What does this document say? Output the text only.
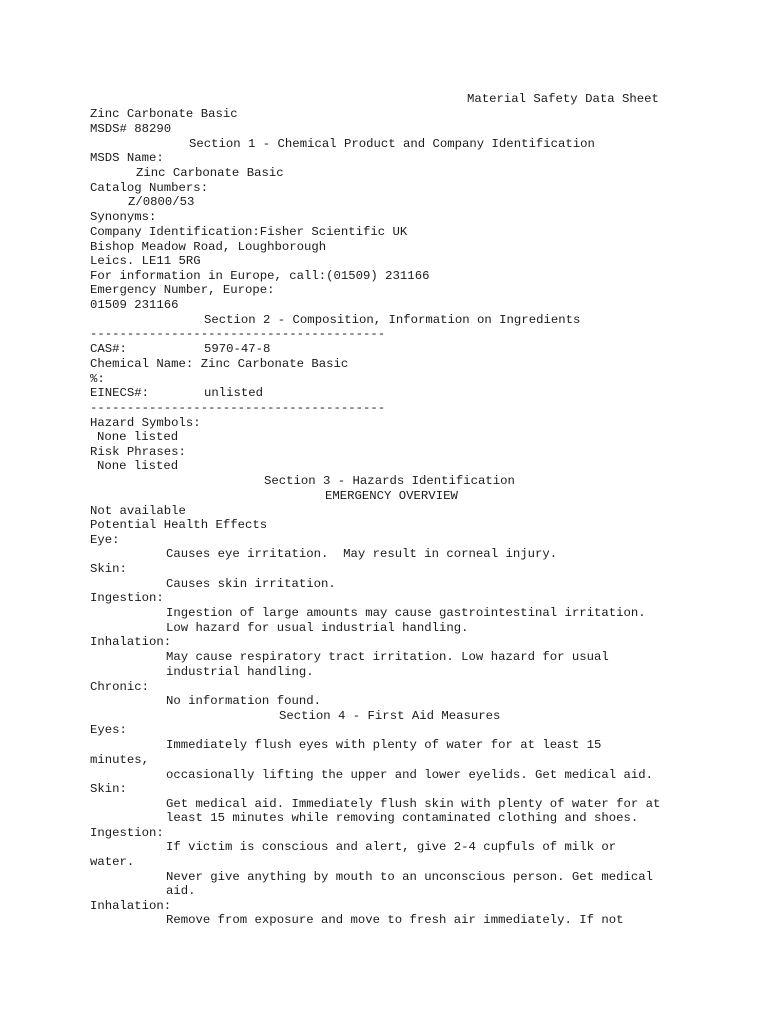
Material Safety Data Sheet
Zinc Carbonate Basic
MSDS# 88290
Section 1 - Chemical Product and Company Identification
MSDS Name:
Zinc Carbonate Basic
Catalog Numbers:
Z/0800/53
Synonyms:
Company Identification:Fisher Scientific UK
Bishop Meadow Road, Loughborough
Leics. LE11 5RG
For information in Europe, call:(01509) 231166
Emergency Number, Europe:
01509 231166
Section 2 - Composition, Information on Ingredients
----------------------------------------
CAS#:	5970-47-8
Chemical Name: Zinc Carbonate Basic
%:
EINECS#:	unlisted
----------------------------------------
Hazard Symbols:
None listed
Risk Phrases:
None listed
Section 3 - Hazards Identification
EMERGENCY OVERVIEW
Not available
Potential Health Effects
Eye:
Causes eye irritation.  May result in corneal injury.
Skin:
Causes skin irritation.
Ingestion:
Ingestion of large amounts may cause gastrointestinal irritation.
Low hazard for usual industrial handling.
Inhalation:
May cause respiratory tract irritation. Low hazard for usual
industrial handling.
Chronic:
No information found.
Section 4 - First Aid Measures
Eyes:
Immediately flush eyes with plenty of water for at least 15
minutes,
occasionally lifting the upper and lower eyelids. Get medical aid.
Skin:
Get medical aid. Immediately flush skin with plenty of water for at
least 15 minutes while removing contaminated clothing and shoes.
Ingestion:
If victim is conscious and alert, give 2-4 cupfuls of milk or
water.
Never give anything by mouth to an unconscious person. Get medical
aid.
Inhalation:
Remove from exposure and move to fresh air immediately. If not
